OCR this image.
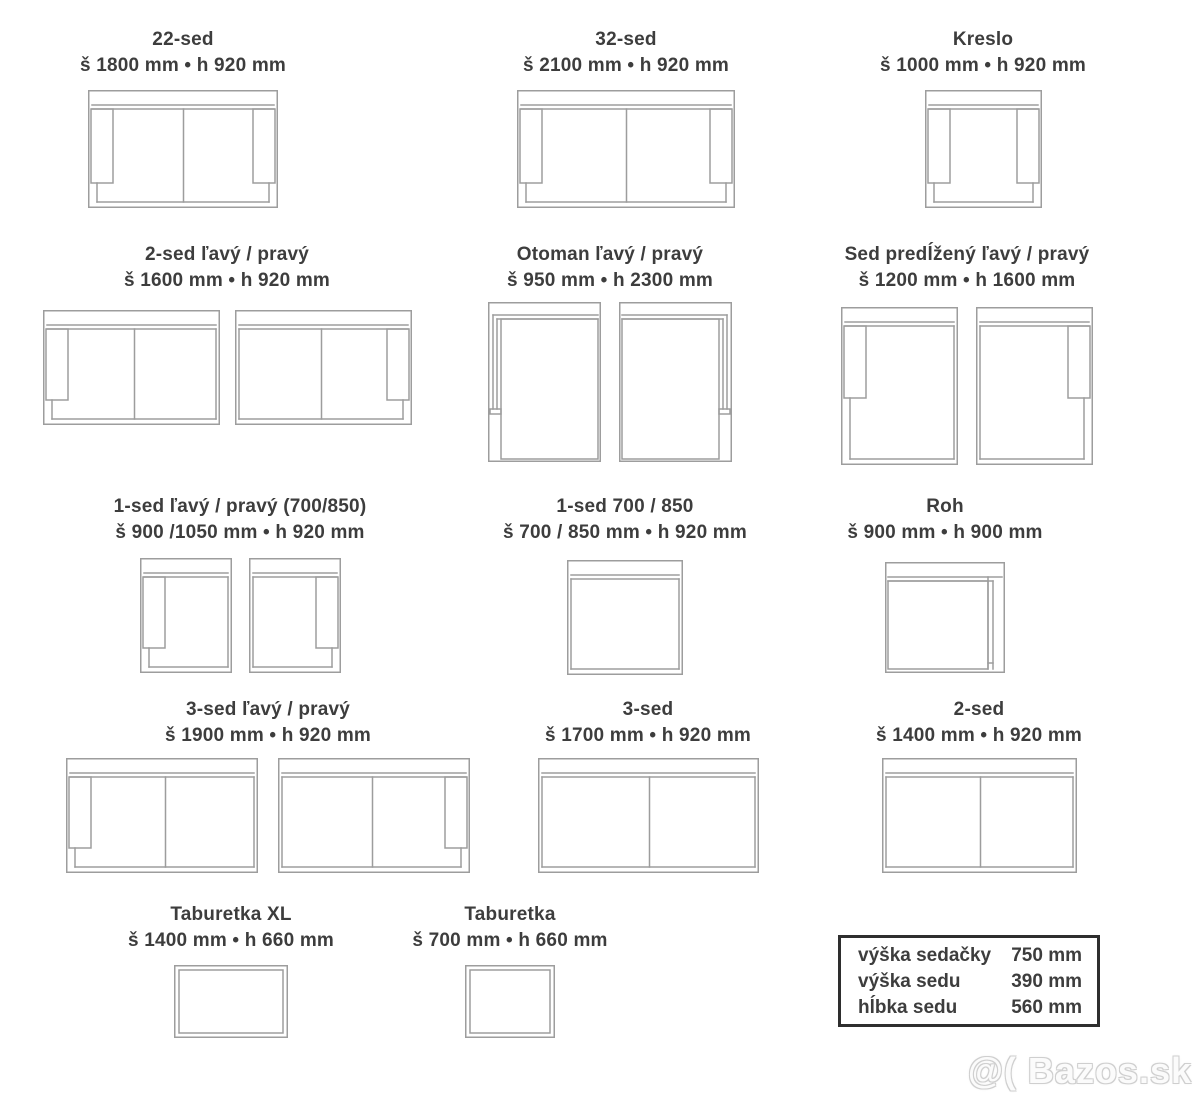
výška sedačky 750 mm
výška sedu	390 mm
hĺbka sedu	560 mm
@( Bazos.sk
22-sed
š 1800 mm • h 920 mm
32-sed
š 2100 mm • h 920 mm
Kreslo
š 1000 mm • h 920 mm
2-sed ľavý / pravý
š 1600 mm • h 920 mm
Otoman ľavý / pravý
š 950 mm • h 2300 mm
Sed predĺžený ľavý / pravý
š 1200 mm • h 1600 mm
1-sed ľavý / pravý (700/850)
š 900 /1050 mm • h 920 mm
1-sed 700 / 850
š 700 / 850 mm • h 920 mm
Roh
š 900 mm • h 900 mm
3-sed ľavý / pravý
š 1900 mm • h 920 mm
3-sed
š 1700 mm • h 920 mm
2-sed
š 1400 mm • h 920 mm
Taburetka XL
š 1400 mm • h 660 mm
Taburetka
š 700 mm • h 660 mm
